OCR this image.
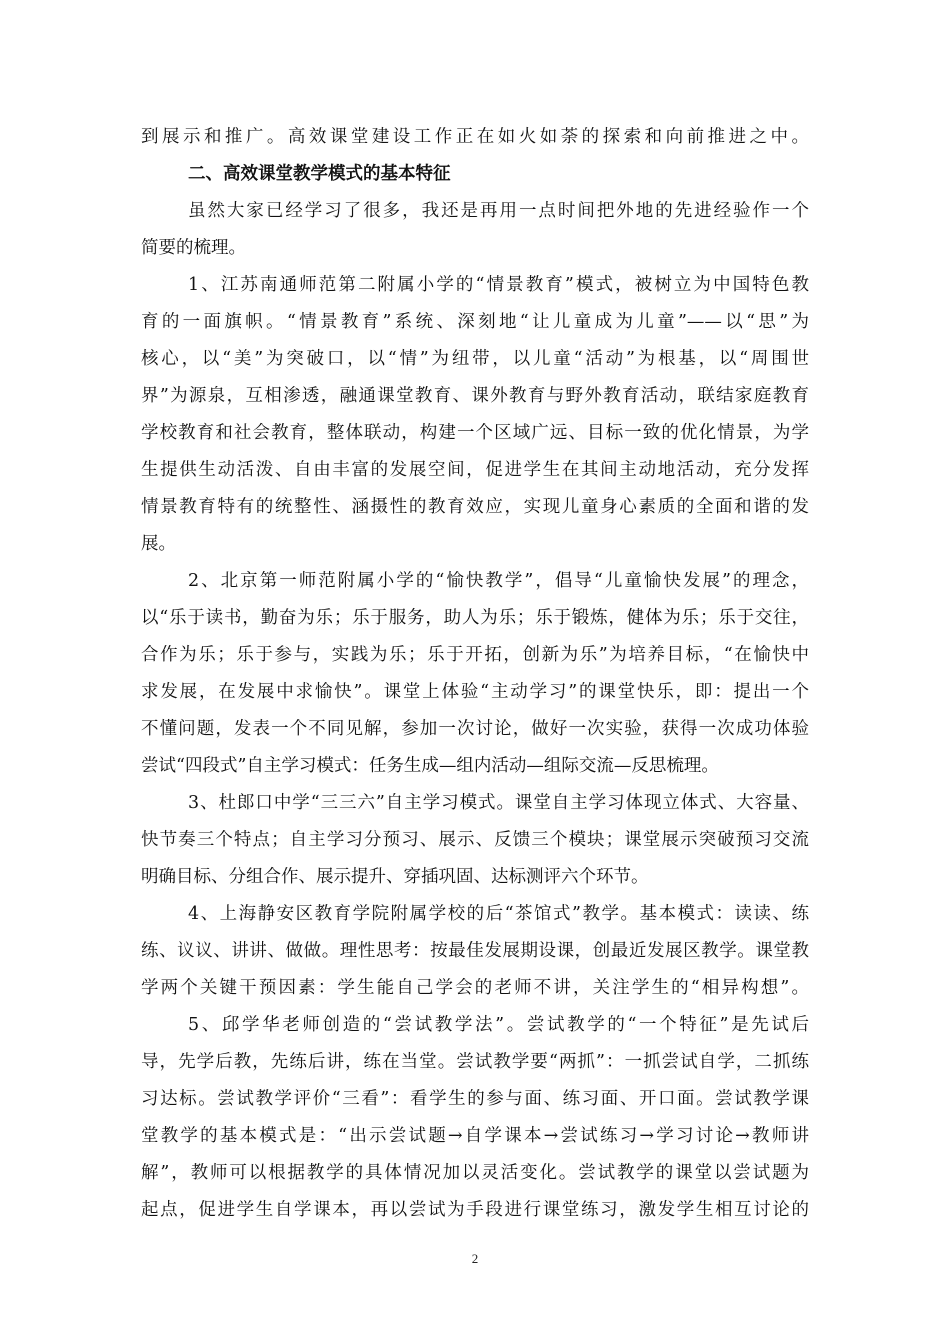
到展示和推广。高效课堂建设工作正在如火如荼的探索和向前推进之中。
二、高效课堂教学模式的基本特征
虽然大家已经学习了很多，我还是再用一点时间把外地的先进经验作一个
简要的梳理。
1、江苏南通师范第二附属小学的“情景教育”模式，被树立为中国特色教
育的一面旗帜。“情景教育”系统、深刻地“让儿童成为儿童”——以“思”为
核心，以“美”为突破口，以“情”为纽带，以儿童“活动”为根基，以“周围世
界”为源泉，互相渗透，融通课堂教育、课外教育与野外教育活动，联结家庭教育
学校教育和社会教育，整体联动，构建一个区域广远、目标一致的优化情景，为学
生提供生动活泼、自由丰富的发展空间，促进学生在其间主动地活动，充分发挥
情景教育特有的统整性、涵摄性的教育效应，实现儿童身心素质的全面和谐的发
展。
2、北京第一师范附属小学的“愉快教学”，倡导“儿童愉快发展”的理念，
以“乐于读书，勤奋为乐；乐于服务，助人为乐；乐于锻炼，健体为乐；乐于交往，
合作为乐；乐于参与，实践为乐；乐于开拓，创新为乐”为培养目标，“在愉快中
求发展，在发展中求愉快”。课堂上体验“主动学习”的课堂快乐，即：提出一个
不懂问题，发表一个不同见解，参加一次讨论，做好一次实验，获得一次成功体验
尝试“四段式”自主学习模式：任务生成—组内活动—组际交流—反思梳理。
3、杜郎口中学“三三六”自主学习模式。课堂自主学习体现立体式、大容量、
快节奏三个特点；自主学习分预习、展示、反馈三个模块；课堂展示突破预习交流
明确目标、分组合作、展示提升、穿插巩固、达标测评六个环节。
4、上海静安区教育学院附属学校的后“茶馆式”教学。基本模式：读读、练
练、议议、讲讲、做做。理性思考：按最佳发展期设课，创最近发展区教学。课堂教
学两个关键干预因素：学生能自己学会的老师不讲，关注学生的“相异构想”。
5、邱学华老师创造的“尝试教学法”。尝试教学的“一个特征”是先试后
导，先学后教，先练后讲，练在当堂。尝试教学要“两抓”：一抓尝试自学，二抓练
习达标。尝试教学评价“三看”：看学生的参与面、练习面、开口面。尝试教学课
堂教学的基本模式是：“出示尝试题→自学课本→尝试练习→学习讨论→教师讲
解”，教师可以根据教学的具体情况加以灵活变化。尝试教学的课堂以尝试题为
起点，促进学生自学课本，再以尝试为手段进行课堂练习，激发学生相互讨论的
2
